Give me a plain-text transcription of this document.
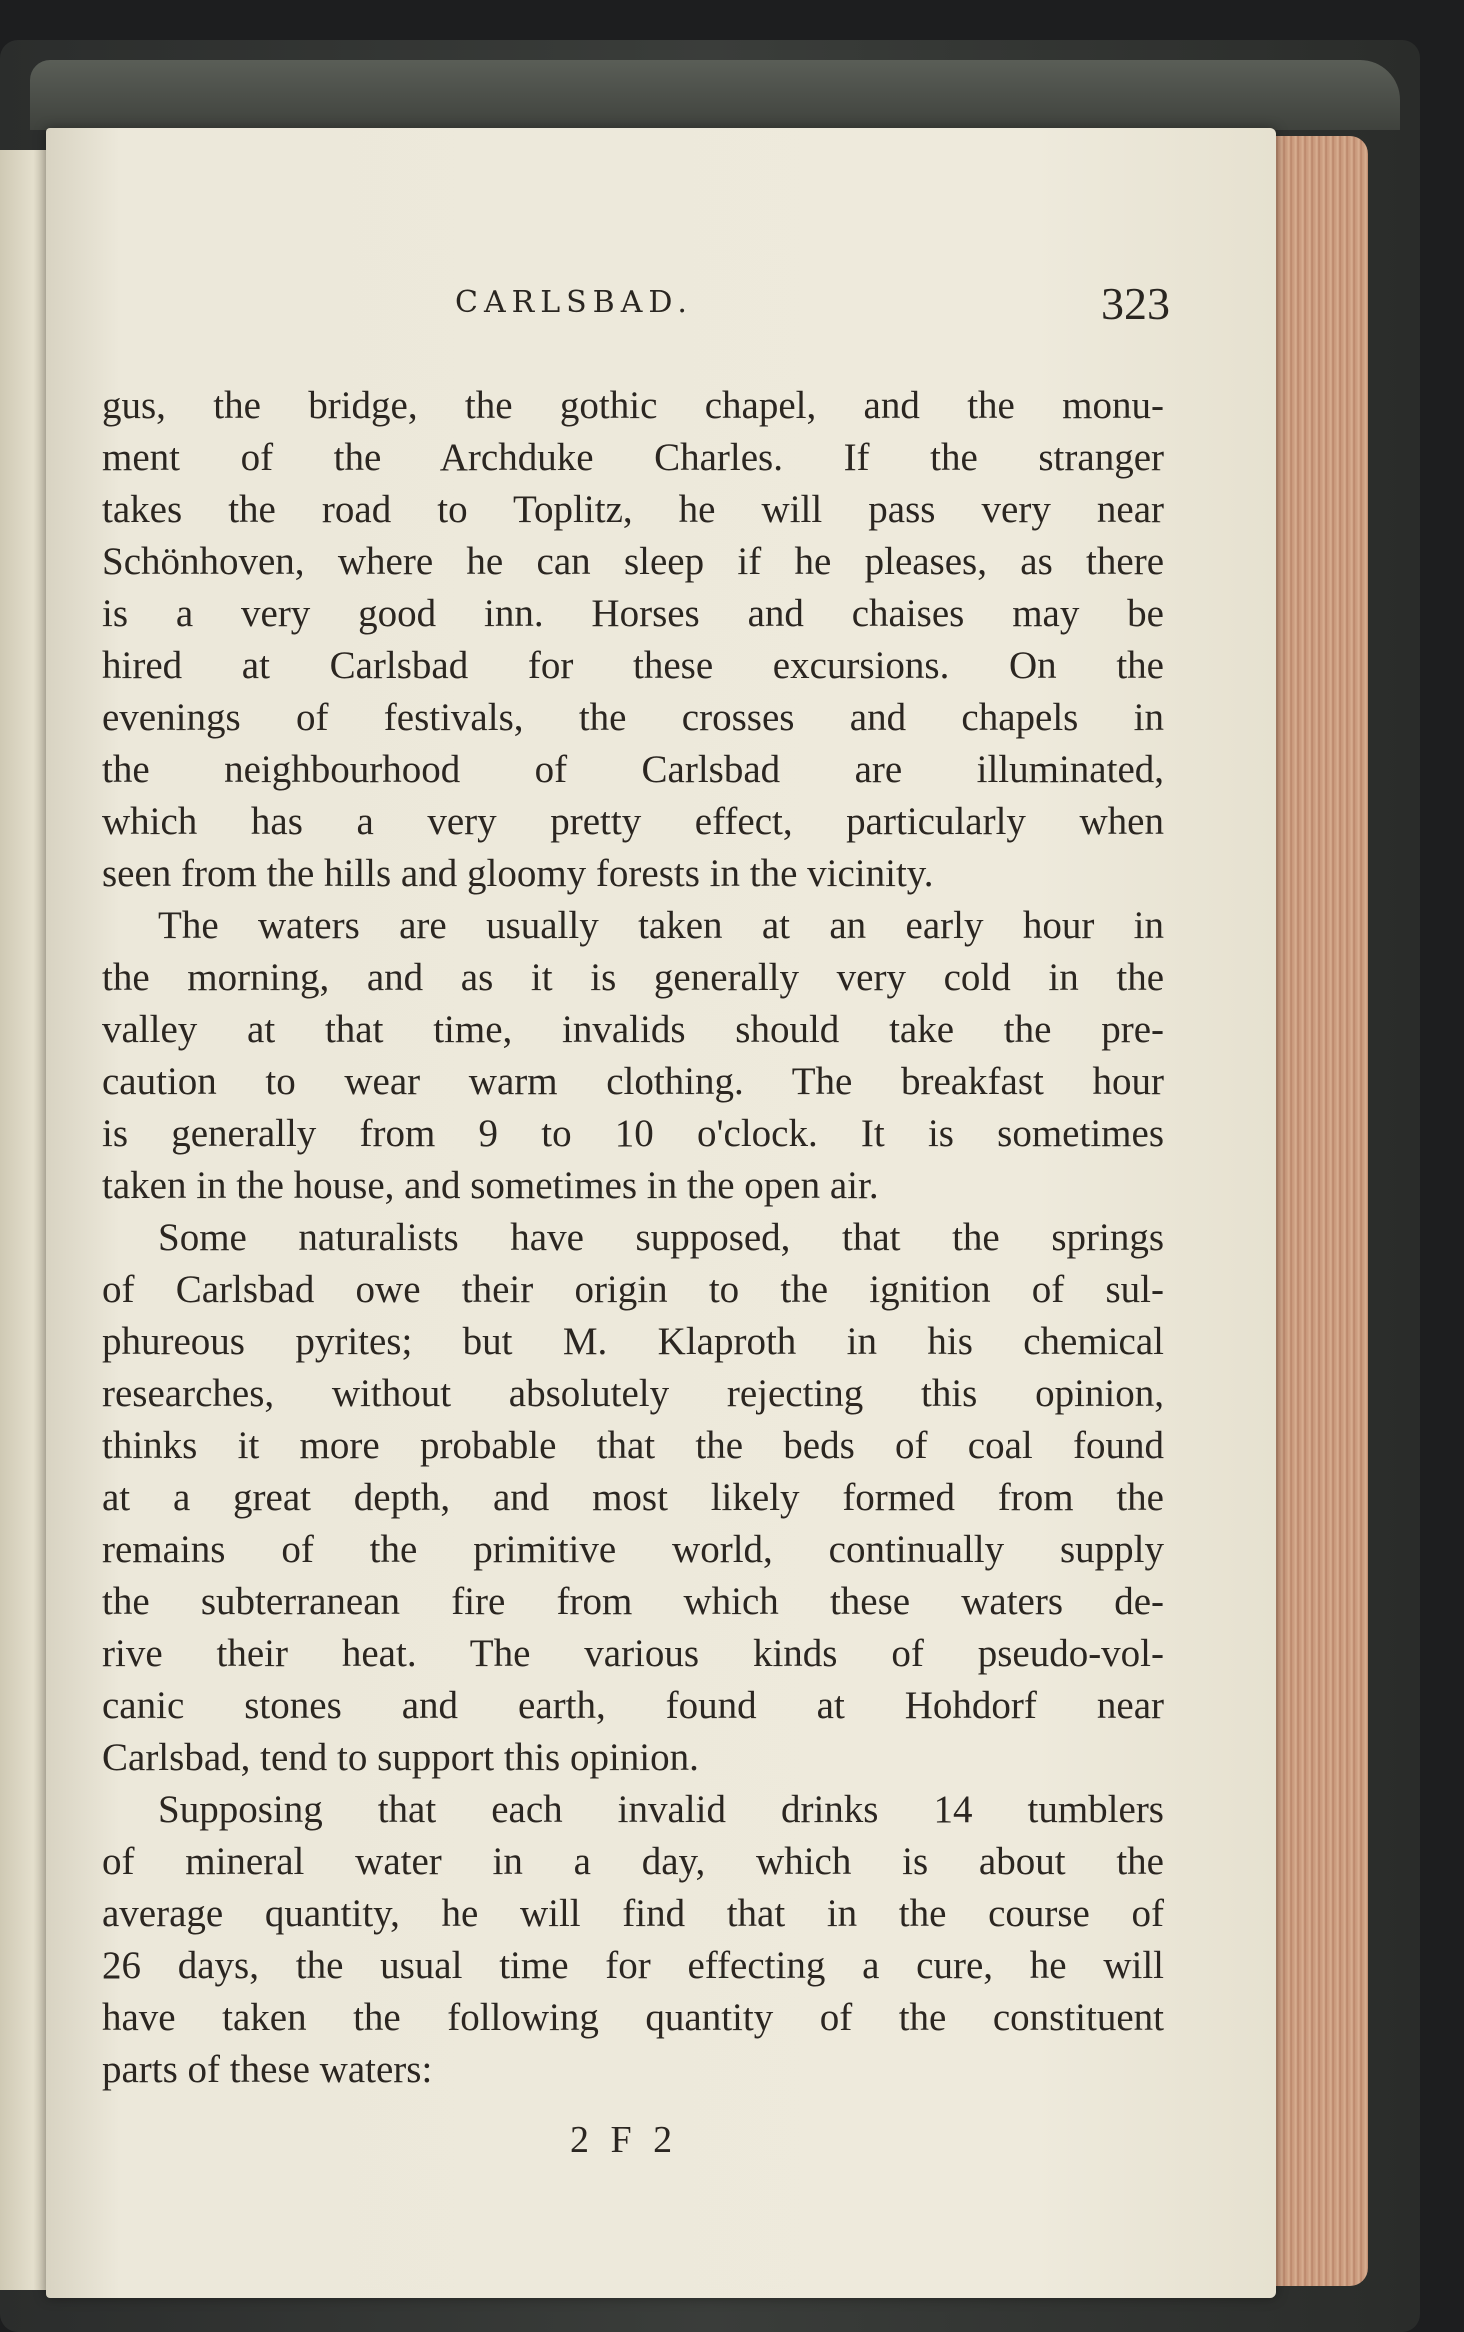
CARLSBAD.	323
gus, the bridge, the gothic chapel, and the monu-
ment of the Archduke Charles. If the stranger
takes the road to Toplitz, he will pass very near
Schönhoven, where he can sleep if he pleases, as there
is a very good inn. Horses and chaises may be
hired at Carlsbad for these excursions. On the
evenings of festivals, the crosses and chapels in
the neighbourhood of Carlsbad are illuminated,
which has a very pretty effect, particularly when
seen from the hills and gloomy forests in the vicinity.
The waters are usually taken at an early hour in
the morning, and as it is generally very cold in the
valley at that time, invalids should take the pre-
caution to wear warm clothing. The breakfast hour
is generally from 9 to 10 o'clock. It is sometimes
taken in the house, and sometimes in the open air.
Some naturalists have supposed, that the springs
of Carlsbad owe their origin to the ignition of sul-
phureous pyrites; but M. Klaproth in his chemical
researches, without absolutely rejecting this opinion,
thinks it more probable that the beds of coal found
at a great depth, and most likely formed from the
remains of the primitive world, continually supply
the subterranean fire from which these waters de-
rive their heat. The various kinds of pseudo-vol-
canic stones and earth, found at Hohdorf near
Carlsbad, tend to support this opinion.
Supposing that each invalid drinks 14 tumblers
of mineral water in a day, which is about the
average quantity, he will find that in the course of
26 days, the usual time for effecting a cure, he will
have taken the following quantity of the constituent
parts of these waters:
2 F 2
